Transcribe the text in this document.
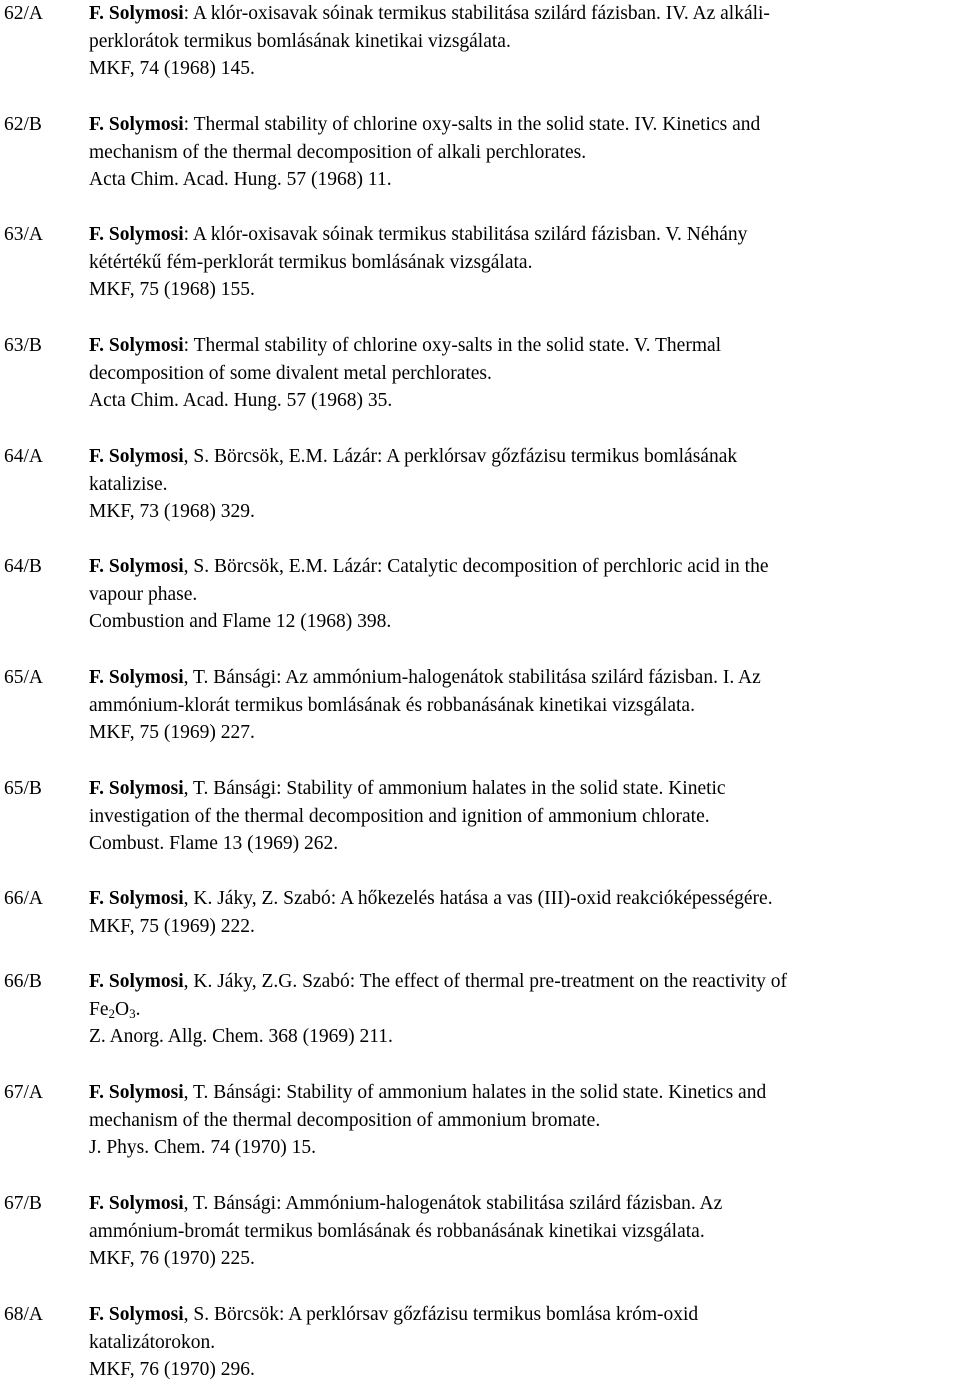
62/A F. Solymosi: A klór-oxisavak sóinak termikus stabilitása szilárd fázisban. IV. Az alkáli-
perklorátok termikus bomlásának kinetikai vizsgálata.
MKF, 74 (1968) 145.
62/B F. Solymosi: Thermal stability of chlorine oxy-salts in the solid state. IV. Kinetics and
mechanism of the thermal decomposition of alkali perchlorates.
Acta Chim. Acad. Hung. 57 (1968) 11.
63/A F. Solymosi: A klór-oxisavak sóinak termikus stabilitása szilárd fázisban. V. Néhány
kétértékű fém-perklorát termikus bomlásának vizsgálata.
MKF, 75 (1968) 155.
63/B F. Solymosi: Thermal stability of chlorine oxy-salts in the solid state. V. Thermal
decomposition of some divalent metal perchlorates.
Acta Chim. Acad. Hung. 57 (1968) 35.
64/A F. Solymosi, S. Börcsök, E.M. Lázár: A perklórsav gőzfázisu termikus bomlásának
katalizise.
MKF, 73 (1968) 329.
64/B F. Solymosi, S. Börcsök, E.M. Lázár: Catalytic decomposition of perchloric acid in the
vapour phase.
Combustion and Flame 12 (1968) 398.
65/A F. Solymosi, T. Bánsági: Az ammónium-halogenátok stabilitása szilárd fázisban. I. Az
ammónium-klorát termikus bomlásának és robbanásának kinetikai vizsgálata.
MKF, 75 (1969) 227.
65/B F. Solymosi, T. Bánsági: Stability of ammonium halates in the solid state. Kinetic
investigation of the thermal decomposition and ignition of ammonium chlorate.
Combust. Flame 13 (1969) 262.
66/A F. Solymosi, K. Jáky, Z. Szabó: A hőkezelés hatása a vas (III)-oxid reakcióképességére.
MKF, 75 (1969) 222.
66/B F. Solymosi, K. Jáky, Z.G. Szabó: The effect of thermal pre-treatment on the reactivity of
$Fe_2O_3$.
Z. Anorg. Allg. Chem. 368 (1969) 211.
67/A F. Solymosi, T. Bánsági: Stability of ammonium halates in the solid state. Kinetics and
mechanism of the thermal decomposition of ammonium bromate.
J. Phys. Chem. 74 (1970) 15.
67/B F. Solymosi, T. Bánsági: Ammónium-halogenátok stabilitása szilárd fázisban. Az
ammónium-bromát termikus bomlásának és robbanásának kinetikai vizsgálata.
MKF, 76 (1970) 225.
68/A F. Solymosi, S. Börcsök: A perklórsav gőzfázisu termikus bomlása króm-oxid
katalizátorokon.
MKF, 76 (1970) 296.
